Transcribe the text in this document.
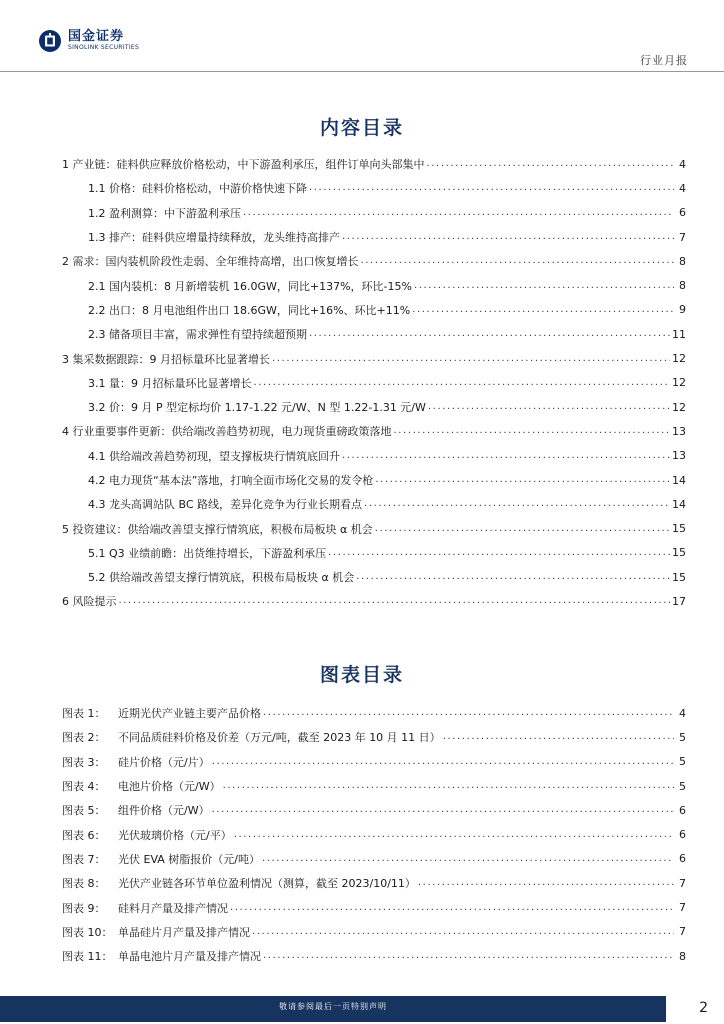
国金证券
SINOLINK SECURITIES
行业月报
内容目录
1 产业链：硅料供应释放价格松动，中下游盈利承压，组件订单向头部集中 .....	4
1.1 价格：硅料价格松动，中游价格快速下降 .....	4
1.2 盈利测算：中下游盈利承压 .....	6
1.3 排产：硅料供应增量持续释放，龙头维持高排产 .....	7
2 需求：国内装机阶段性走弱、全年维持高增，出口恢复增长 .....	8
2.1 国内装机：8 月新增装机 16.0GW，同比+137%，环比-15% .....	8
2.2 出口：8 月电池组件出口 18.6GW，同比+16%、环比+11% .....	9
2.3 储备项目丰富，需求弹性有望持续超预期 .....	11
3 集采数据跟踪：9 月招标量环比显著增长 .....	12
3.1 量：9 月招标量环比显著增长 .....	12
3.2 价：9 月 P 型定标均价 1.17-1.22 元/W、N 型 1.22-1.31 元/W .....	12
4 行业重要事件更新：供给端改善趋势初现，电力现货重磅政策落地 .....	13
4.1 供给端改善趋势初现，望支撑板块行情筑底回升 .....	13
4.2 电力现货“基本法”落地，打响全面市场化交易的发令枪 .....	14
4.3 龙头高调站队 BC 路线，差异化竞争为行业长期看点 .....	14
5 投资建议：供给端改善望支撑行情筑底，积极布局板块 α 机会 .....	15
5.1 Q3 业绩前瞻：出货维持增长，下游盈利承压 .....	15
5.2 供给端改善望支撑行情筑底，积极布局板块 α 机会 .....	15
6 风险提示 .....	17
图表目录
图表 1：	近期光伏产业链主要产品价格 .....	4
图表 2：	不同品质硅料价格及价差（万元/吨，截至 2023 年 10 月 11 日） .....	5
图表 3：	硅片价格（元/片） .....	5
图表 4：	电池片价格（元/W） .....	5
图表 5：	组件价格（元/W） .....	6
图表 6：	光伏玻璃价格（元/平） .....	6
图表 7：	光伏 EVA 树脂报价（元/吨） .....	6
图表 8：	光伏产业链各环节单位盈利情况（测算，截至 2023/10/11） .....	7
图表 9：	硅料月产量及排产情况 .....	7
图表 10： 单晶硅片月产量及排产情况 .....	7
图表 11： 单晶电池片月产量及排产情况 .....	8
敬请参阅最后一页特别声明	2
